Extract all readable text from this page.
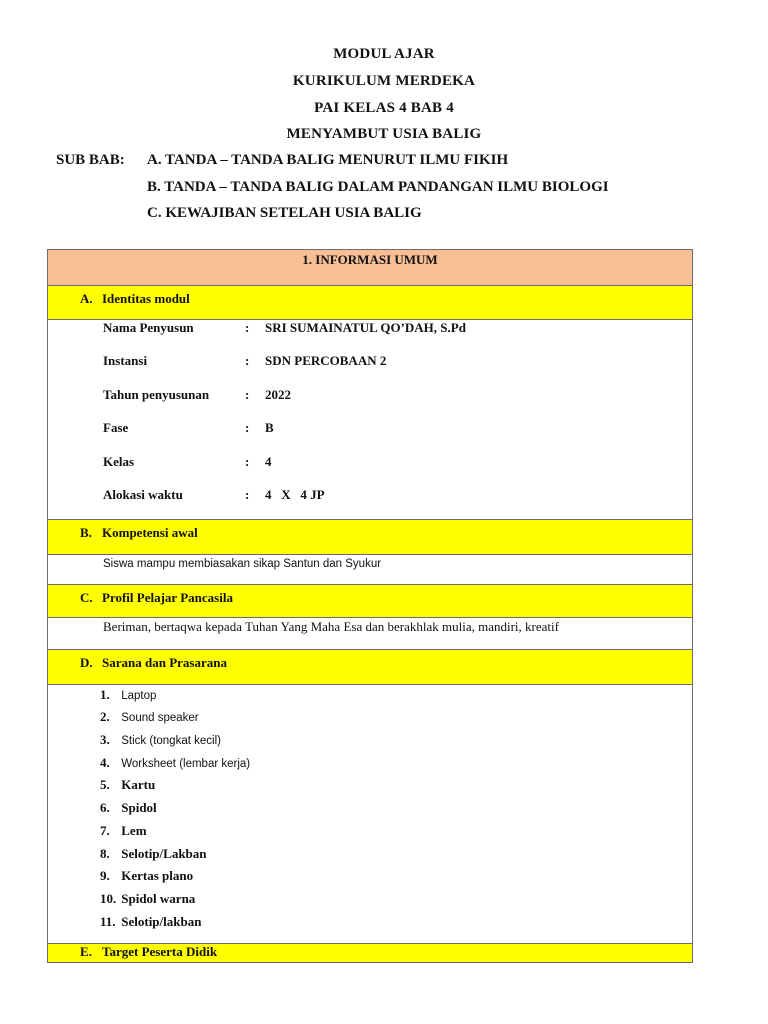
MODUL AJAR
KURIKULUM MERDEKA
PAI KELAS 4 BAB 4
MENYAMBUT USIA BALIG
SUB BAB: A. TANDA – TANDA BALIG MENURUT ILMU FIKIH
B. TANDA – TANDA BALIG DALAM PANDANGAN ILMU BIOLOGI
C. KEWAJIBAN SETELAH USIA BALIG
1. INFORMASI UMUM
A. Identitas modul
Nama Penyusun	: SRI SUMAINATUL QO’DAH, S.Pd
Instansi	: SDN PERCOBAAN 2
Tahun penyusunan	: 2022
Fase	: B
Kelas	: 4
Alokasi waktu	: 4   X   4 JP
B. Kompetensi awal
Siswa mampu membiasakan sikap Santun dan Syukur
C. Profil Pelajar Pancasila
Beriman, bertaqwa kepada Tuhan Yang Maha Esa dan berakhlak mulia, mandiri, kreatif
D. Sarana dan Prasarana
1. Laptop
2. Sound speaker
3. Stick (tongkat kecil)
4. Worksheet (lembar kerja)
5. Kartu
6. Spidol
7. Lem
8. Selotip/Lakban
9. Kertas plano
10. Spidol warna
11. Selotip/lakban
E. Target Peserta Didik
